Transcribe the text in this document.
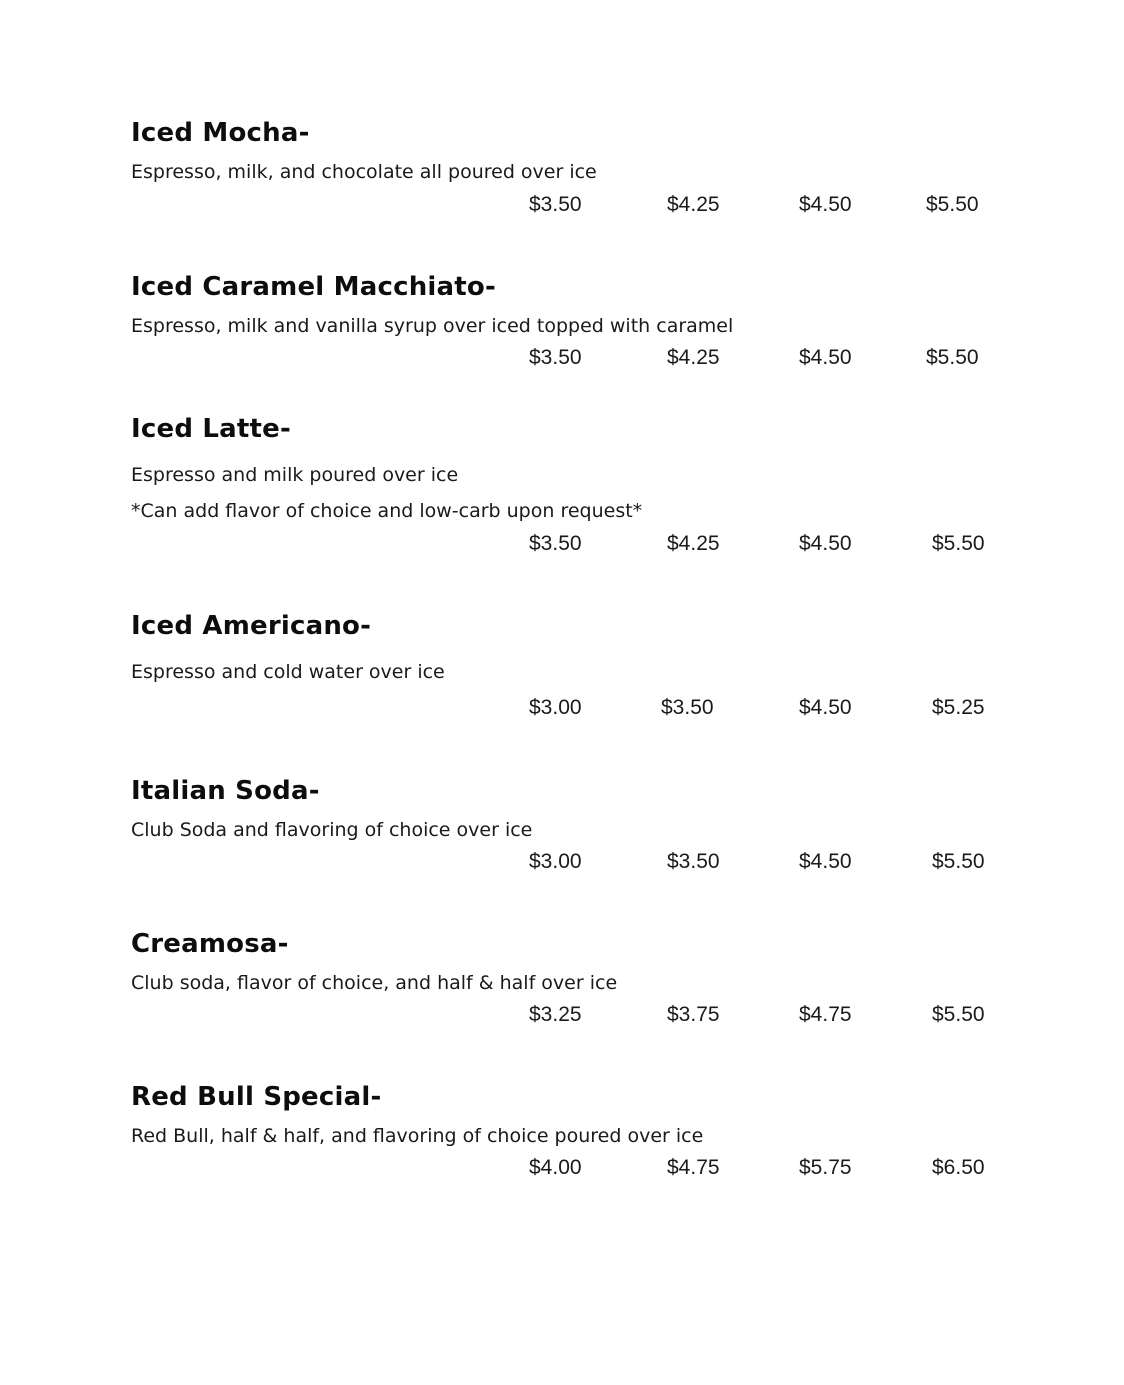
Iced Mocha-
Espresso, milk, and chocolate all poured over ice
$3.50	$4.25	$4.50	$5.50
Iced Caramel Macchiato-
Espresso, milk and vanilla syrup over iced topped with caramel
$3.50	$4.25	$4.50	$5.50
Iced Latte-
Espresso and milk poured over ice
*Can add flavor of choice and low-carb upon request*
$3.50	$4.25	$4.50	$5.50
Iced Americano-
Espresso and cold water over ice
$3.00	$3.50	$4.50	$5.25
Italian Soda-
Club Soda and flavoring of choice over ice
$3.00	$3.50	$4.50	$5.50
Creamosa-
Club soda, flavor of choice, and half & half over ice
$3.25	$3.75	$4.75	$5.50
Red Bull Special-
Red Bull, half & half, and flavoring of choice poured over ice
$4.00	$4.75	$5.75	$6.50
